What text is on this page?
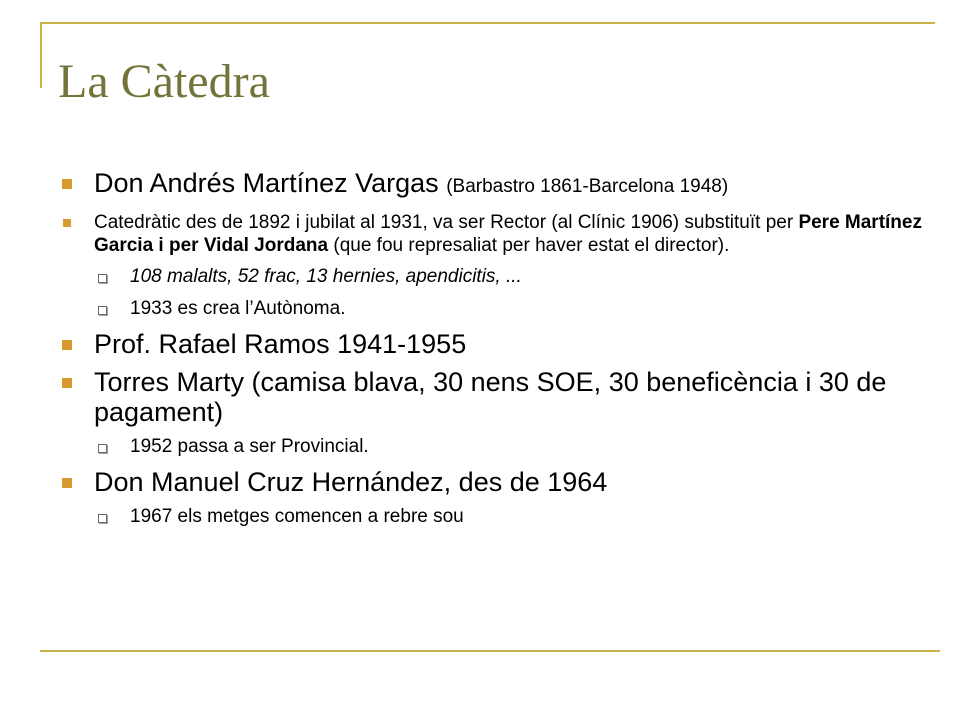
La Càtedra
Don Andrés Martínez Vargas (Barbastro 1861-Barcelona 1948)
Catedràtic des de 1892 i jubilat al 1931, va ser Rector (al Clínic 1906) substituït per Pere Martínez Garcia i per Vidal Jordana (que fou represaliat per haver estat el director).
108 malalts, 52 frac, 13 hernies, apendicitis, ...
1933 es crea l’Autònoma.
Prof. Rafael Ramos 1941-1955
Torres Marty (camisa blava, 30 nens SOE, 30 beneficència i 30 de pagament)
1952 passa a ser Provincial.
Don Manuel Cruz Hernández, des de 1964
1967 els metges comencen a rebre sou
